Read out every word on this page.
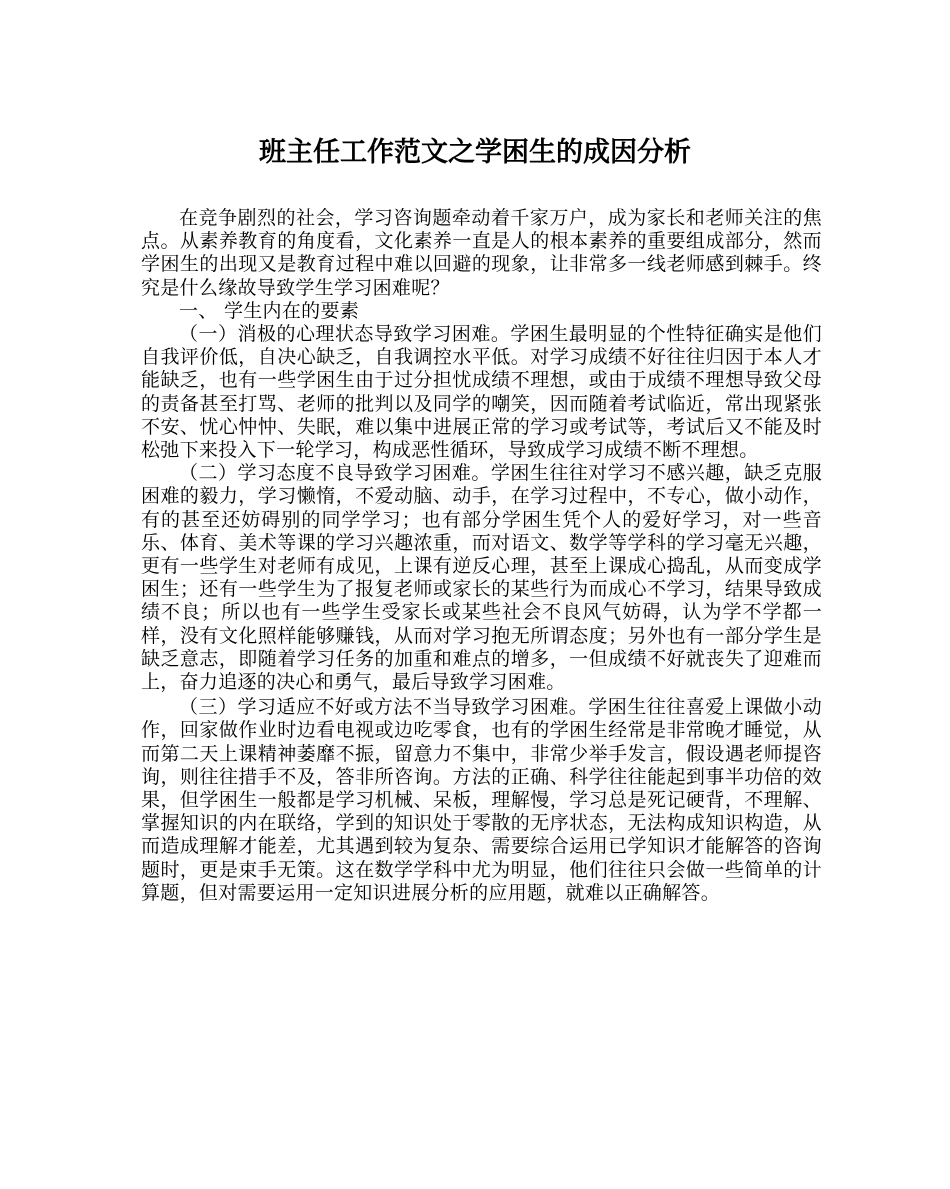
班主任工作范文之学困生的成因分析

在竞争剧烈的社会，学习咨询题牵动着千家万户，成为家长和老师关注的焦点。从素养教育的角度看，文化素养一直是人的根本素养的重要组成部分，然而学困生的出现又是教育过程中难以回避的现象，让非常多一线老师感到棘手。终究是什么缘故导致学生学习困难呢？

一、 学生内在的要素

（一）消极的心理状态导致学习困难。学困生最明显的个性特征确实是他们自我评价低，自决心缺乏，自我调控水平低。对学习成绩不好往往归因于本人才能缺乏，也有一些学困生由于过分担忧成绩不理想，或由于成绩不理想导致父母的责备甚至打骂、老师的批判以及同学的嘲笑，因而随着考试临近，常出现紧张不安、忧心忡忡、失眠，难以集中进展正常的学习或考试等，考试后又不能及时松弛下来投入下一轮学习，构成恶性循环，导致成学习成绩不断不理想。

（二）学习态度不良导致学习困难。学困生往往对学习不感兴趣，缺乏克服困难的毅力，学习懒惰，不爱动脑、动手，在学习过程中，不专心，做小动作，有的甚至还妨碍别的同学学习；也有部分学困生凭个人的爱好学习，对一些音乐、体育、美术等课的学习兴趣浓重，而对语文、数学等学科的学习毫无兴趣，更有一些学生对老师有成见，上课有逆反心理，甚至上课成心捣乱，从而变成学困生；还有一些学生为了报复老师或家长的某些行为而成心不学习，结果导致成绩不良；所以也有一些学生受家长或某些社会不良风气妨碍，认为学不学都一样，没有文化照样能够赚钱，从而对学习抱无所谓态度；另外也有一部分学生是缺乏意志，即随着学习任务的加重和难点的增多，一但成绩不好就丧失了迎难而上，奋力追逐的决心和勇气，最后导致学习困难。

（三）学习适应不好或方法不当导致学习困难。学困生往往喜爱上课做小动作，回家做作业时边看电视或边吃零食，也有的学困生经常是非常晚才睡觉，从而第二天上课精神萎靡不振，留意力不集中，非常少举手发言，假设遇老师提咨询，则往往措手不及，答非所咨询。方法的正确、科学往往能起到事半功倍的效果，但学困生一般都是学习机械、呆板，理解慢，学习总是死记硬背，不理解、掌握知识的内在联络，学到的知识处于零散的无序状态，无法构成知识构造，从而造成理解才能差，尤其遇到较为复杂、需要综合运用已学知识才能解答的咨询题时，更是束手无策。这在数学学科中尤为明显，他们往往只会做一些简单的计算题，但对需要运用一定知识进展分析的应用题，就难以正确解答。
